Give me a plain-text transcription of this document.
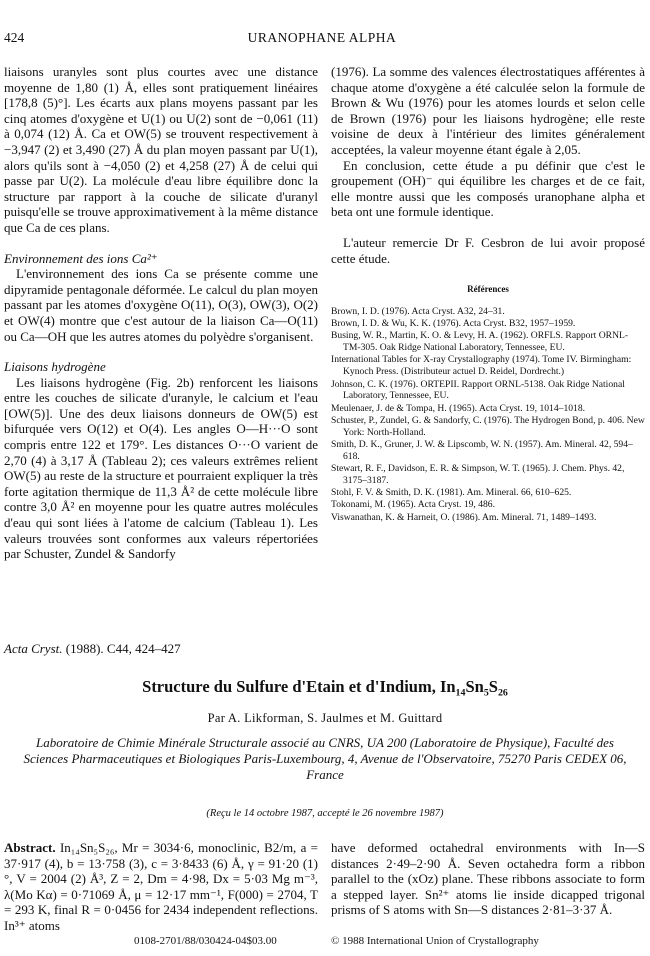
424	URANOPHANE ALPHA

liaisons uranyles sont plus courtes avec une distance moyenne de 1,80 (1) Å, elles sont pratiquement linéaires [178,8 (5)°]. Les écarts aux plans moyens passant par les cinq atomes d'oxygène et U(1) ou U(2) sont de −0,061 (11) à 0,074 (12) Å. Ca et OW(5) se trouvent respectivement à −3,947 (2) et 3,490 (27) Å du plan moyen passant par U(1), alors qu'ils sont à −4,050 (2) et 4,258 (27) Å de celui qui passe par U(2). La molécule d'eau libre équilibre donc la structure par rapport à la couche de silicate d'uranyl puisqu'elle se trouve approximativement à la même distance que Ca de ces plans.

Environnement des ions Ca²⁺

L'environnement des ions Ca se présente comme une dipyramide pentagonale déformée. Le calcul du plan moyen passant par les atomes d'oxygène O(11), O(3), OW(3), O(2) et OW(4) montre que c'est autour de la liaison Ca—O(11) ou Ca—OH que les autres atomes du polyèdre s'organisent.

Liaisons hydrogène

Les liaisons hydrogène (Fig. 2b) renforcent les liaisons entre les couches de silicate d'uranyle, le calcium et l'eau [OW(5)]. Une des deux liaisons donneurs de OW(5) est bifurquée vers O(12) et O(4). Les angles O—H···O sont compris entre 122 et 179°. Les distances O···O varient de 2,70 (4) à 3,17 Å (Tableau 2); ces valeurs extrêmes relient OW(5) au reste de la structure et pourraient expliquer la très forte agitation thermique de 11,3 Å² de cette molécule libre contre 3,0 Å² en moyenne pour les quatre autres molécules d'eau qui sont liées à l'atome de calcium (Tableau 1). Les valeurs trouvées sont conformes aux valeurs répertoriées par Schuster, Zundel & Sandorfy

(1976). La somme des valences électrostatiques afférentes à chaque atome d'oxygène a été calculée selon la formule de Brown & Wu (1976) pour les atomes lourds et selon celle de Brown (1976) pour les liaisons hydrogène; elle reste voisine de deux à l'intérieur des limites généralement acceptées, la valeur moyenne étant égale à 2,05.

En conclusion, cette étude a pu définir que c'est le groupement (OH)⁻ qui équilibre les charges et de ce fait, elle montre aussi que les composés uranophane alpha et beta ont une formule identique.

L'auteur remercie Dr F. Cesbron de lui avoir proposé cette étude.

Références

Brown, I. D. (1976). Acta Cryst. A32, 24–31.

Brown, I. D. & Wu, K. K. (1976). Acta Cryst. B32, 1957–1959.

Busing, W. R., Martin, K. O. & Levy, H. A. (1962). ORFLS. Rapport ORNL-TM-305. Oak Ridge National Laboratory, Tennessee, EU.

International Tables for X-ray Crystallography (1974). Tome IV. Birmingham: Kynoch Press. (Distributeur actuel D. Reidel, Dordrecht.)

Johnson, C. K. (1976). ORTEPII. Rapport ORNL-5138. Oak Ridge National Laboratory, Tennessee, EU.

Meulenaer, J. de & Tompa, H. (1965). Acta Cryst. 19, 1014–1018.

Schuster, P., Zundel, G. & Sandorfy, C. (1976). The Hydrogen Bond, p. 406. New York: North-Holland.

Smith, D. K., Gruner, J. W. & Lipscomb, W. N. (1957). Am. Mineral. 42, 594–618.

Stewart, R. F., Davidson, E. R. & Simpson, W. T. (1965). J. Chem. Phys. 42, 3175–3187.

Stohl, F. V. & Smith, D. K. (1981). Am. Mineral. 66, 610–625.

Tokonami, M. (1965). Acta Cryst. 19, 486.

Viswanathan, K. & Harneit, O. (1986). Am. Mineral. 71, 1489–1493.

Acta Cryst. (1988). C44, 424–427
Structure du Sulfure d'Etain et d'Indium, In₁₄Sn₅S₂₆
Par A. Likforman, S. Jaulmes et M. Guittard
Laboratoire de Chimie Minérale Structurale associé au CNRS, UA 200 (Laboratoire de Physique), Faculté des Sciences Pharmaceutiques et Biologiques Paris-Luxembourg, 4, Avenue de l'Observatoire, 75270 Paris CEDEX 06, France
(Reçu le 14 octobre 1987, accepté le 26 novembre 1987)
Abstract. In₁₄Sn₅S₂₆, Mr = 3034·6, monoclinic, B2/m, a = 37·917 (4), b = 13·758 (3), c = 3·8433 (6) Å, γ = 91·20 (1)°, V = 2004 (2) Å³, Z = 2, Dm = 4·98, Dx = 5·03 Mg m⁻³, λ(Mo Kα) = 0·71069 Å, μ = 12·17 mm⁻¹, F(000) = 2704, T = 293 K, final R = 0·0456 for 2434 independent reflections. In³⁺ atoms
have deformed octahedral environments with In—S distances 2·49–2·90 Å. Seven octahedra form a ribbon parallel to the (xOz) plane. These ribbons associate to form a stepped layer. Sn²⁺ atoms lie inside dicapped trigonal prisms of S atoms with Sn—S distances 2·81–3·37 Å.
0108-2701/88/030424-04$03.00	© 1988 International Union of Crystallography
